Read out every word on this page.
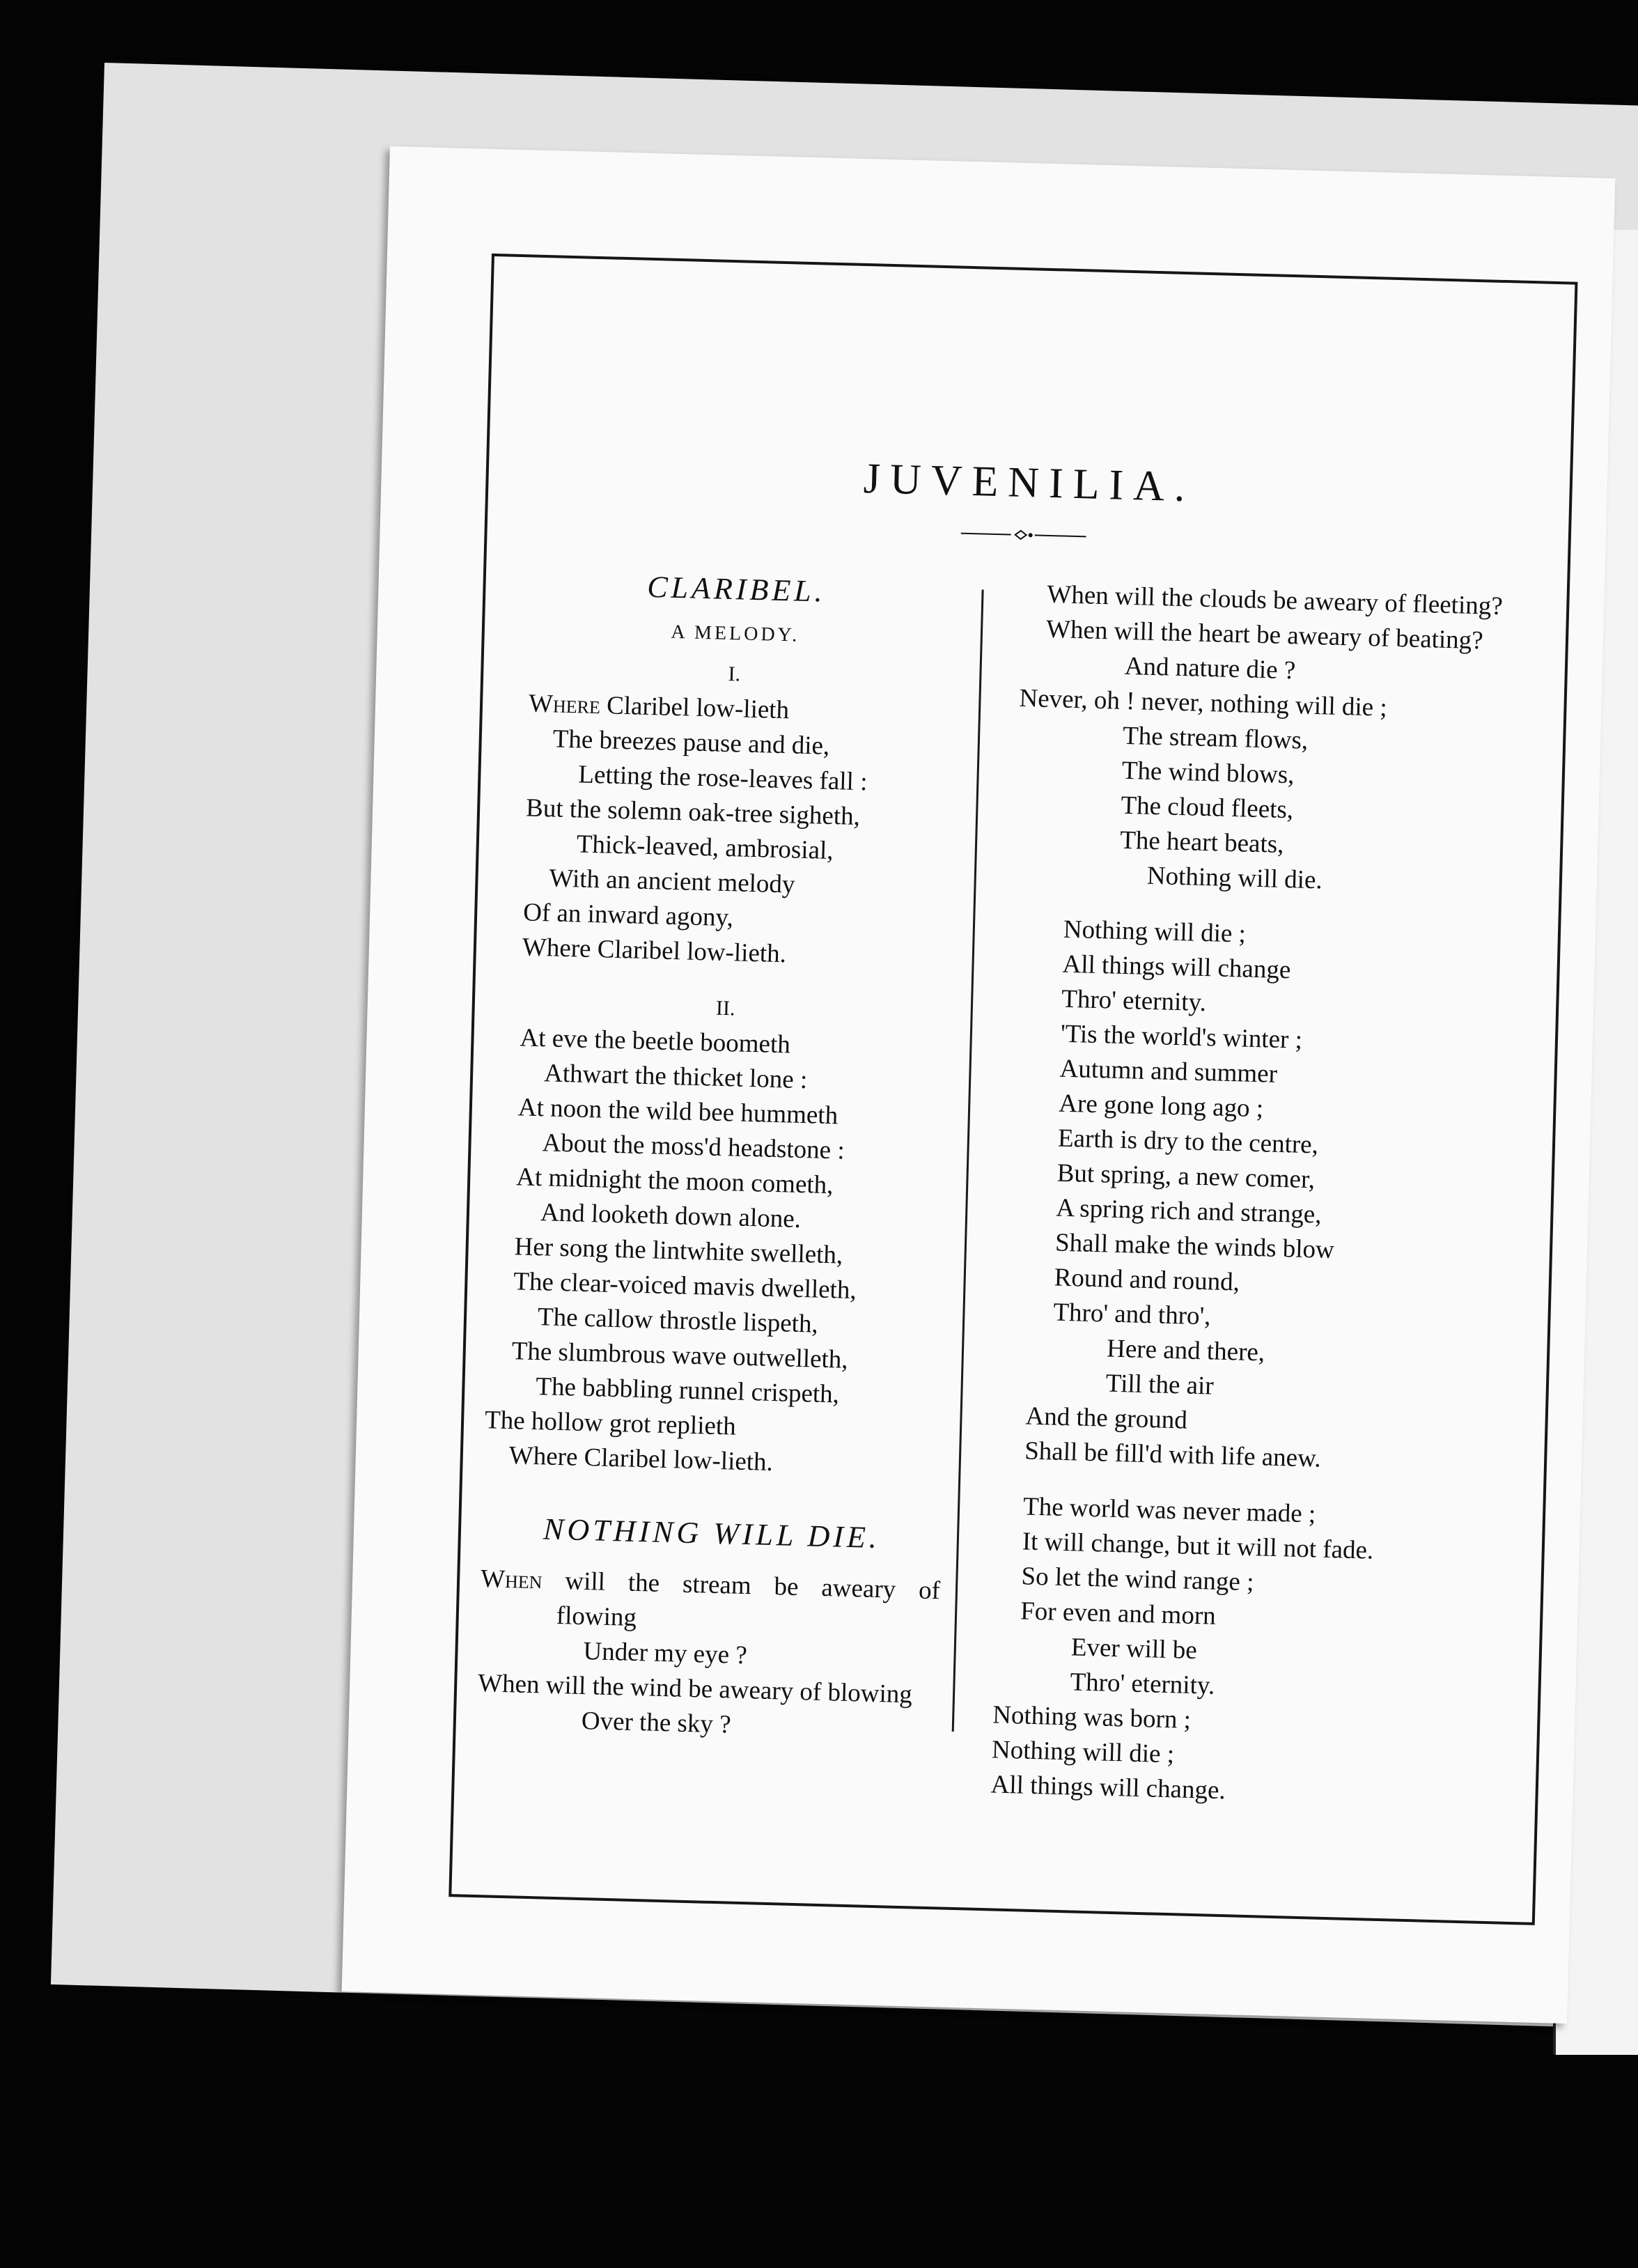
JUVENILIA.
CLARIBEL.
A MELODY.
I.
Where Claribel low-lieth
The breezes pause and die,
Letting the rose-leaves fall :
But the solemn oak-tree sigheth,
Thick-leaved, ambrosial,
With an ancient melody
Of an inward agony,
Where Claribel low-lieth.
II.
At eve the beetle boometh
Athwart the thicket lone :
At noon the wild bee hummeth
About the moss'd headstone :
At midnight the moon cometh,
And looketh down alone.
Her song the lintwhite swelleth,
The clear-voiced mavis dwelleth,
The callow throstle lispeth,
The slumbrous wave outwelleth,
The babbling runnel crispeth,
The hollow grot replieth
Where Claribel low-lieth.
NOTHING WILL DIE.
When will the stream be aweary of
flowing
Under my eye ?
When will the wind be aweary of blowing
Over the sky ?
When will the clouds be aweary of fleeting?
When will the heart be aweary of beating?
And nature die ?
Never, oh ! never, nothing will die ;
The stream flows,
The wind blows,
The cloud fleets,
The heart beats,
Nothing will die.
Nothing will die ;
All things will change
Thro' eternity.
'Tis the world's winter ;
Autumn and summer
Are gone long ago ;
Earth is dry to the centre,
But spring, a new comer,
A spring rich and strange,
Shall make the winds blow
Round and round,
Thro' and thro',
Here and there,
Till the air
And the ground
Shall be fill'd with life anew.
The world was never made ;
It will change, but it will not fade.
So let the wind range ;
For even and morn
Ever will be
Thro' eternity.
Nothing was born ;
Nothing will die ;
All things will change.
